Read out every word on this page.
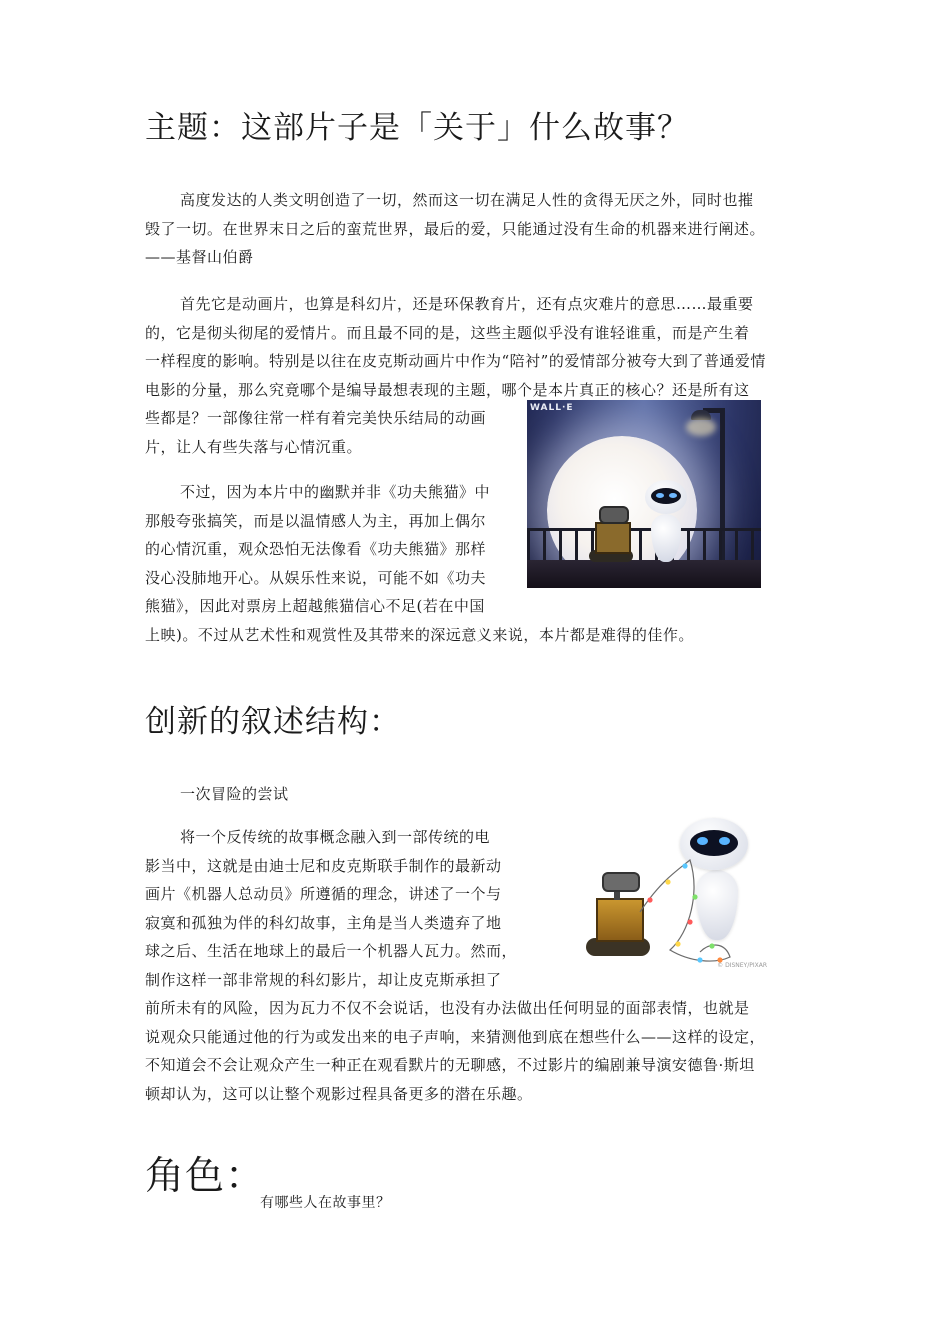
主题：这部片子是「关于」什么故事？
高度发达的人类文明创造了一切，然而这一切在满足人性的贪得无厌之外，同时也摧
毁了一切。在世界末日之后的蛮荒世界，最后的爱，只能通过没有生命的机器来进行阐述。
——基督山伯爵
首先它是动画片，也算是科幻片，还是环保教育片，还有点灾难片的意思……最重要
的，它是彻头彻尾的爱情片。而且最不同的是，这些主题似乎没有谁轻谁重，而是产生着
一样程度的影响。特别是以往在皮克斯动画片中作为“陪衬”的爱情部分被夸大到了普通爱情
电影的分量，那么究竟哪个是编导最想表现的主题，哪个是本片真正的核心？还是所有这
些都是？一部像往常一样有着完美快乐结局的动画
片，让人有些失落与心情沉重。
不过，因为本片中的幽默并非《功夫熊猫》中
那般夸张搞笑，而是以温情感人为主，再加上偶尔
的心情沉重，观众恐怕无法像看《功夫熊猫》那样
没心没肺地开心。从娱乐性来说，可能不如《功夫
熊猫》，因此对票房上超越熊猫信心不足(若在中国
上映)。不过从艺术性和观赏性及其带来的深远意义来说，本片都是难得的佳作。
WALL·E
创新的叙述结构：
一次冒险的尝试
将一个反传统的故事概念融入到一部传统的电
影当中，这就是由迪士尼和皮克斯联手制作的最新动
画片《机器人总动员》所遵循的理念，讲述了一个与
寂寞和孤独为伴的科幻故事，主角是当人类遗弃了地
球之后、生活在地球上的最后一个机器人瓦力。然而，
制作这样一部非常规的科幻影片，却让皮克斯承担了
前所未有的风险，因为瓦力不仅不会说话，也没有办法做出任何明显的面部表情，也就是
说观众只能通过他的行为或发出来的电子声响，来猜测他到底在想些什么——这样的设定，
不知道会不会让观众产生一种正在观看默片的无聊感，不过影片的编剧兼导演安德鲁·斯坦
顿却认为，这可以让整个观影过程具备更多的潜在乐趣。
© DISNEY/PIXAR
角色：
有哪些人在故事里？
